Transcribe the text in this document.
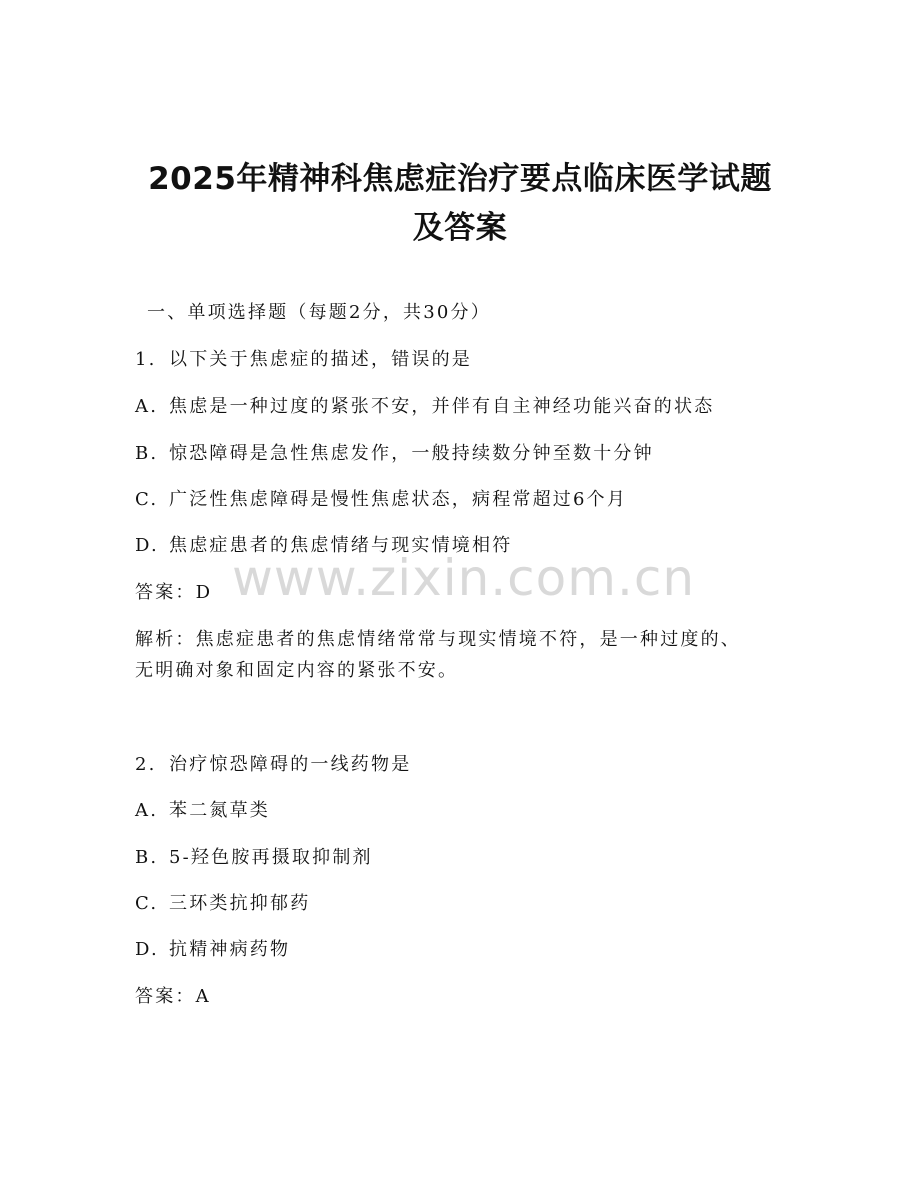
2025年精神科焦虑症治疗要点临床医学试题
及答案
一、单项选择题（每题2分，共30分）
1. 以下关于焦虑症的描述，错误的是
A. 焦虑是一种过度的紧张不安，并伴有自主神经功能兴奋的状态
B. 惊恐障碍是急性焦虑发作，一般持续数分钟至数十分钟
C. 广泛性焦虑障碍是慢性焦虑状态，病程常超过6个月
D. 焦虑症患者的焦虑情绪与现实情境相符
答案：D
解析：焦虑症患者的焦虑情绪常常与现实情境不符，是一种过度的、
无明确对象和固定内容的紧张不安。
2. 治疗惊恐障碍的一线药物是
A. 苯二氮草类
B. 5-羟色胺再摄取抑制剂
C. 三环类抗抑郁药
D. 抗精神病药物
答案：A
www.zixin.com.cn
